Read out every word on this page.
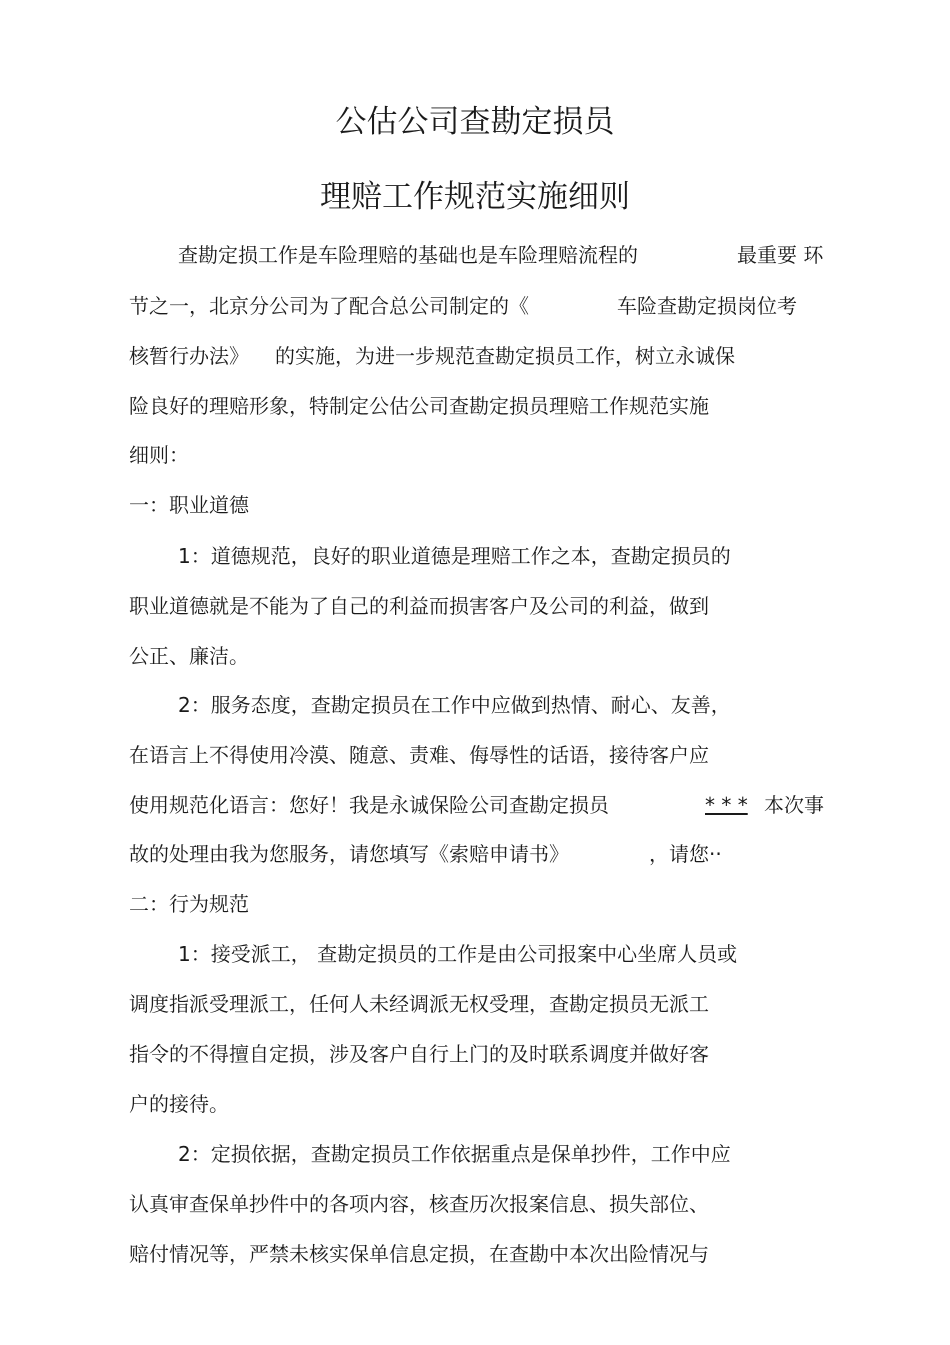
公估公司查勘定损员
理赔工作规范实施细则
查勘定损工作是车险理赔的基础也是车险理赔流程的	最重要 环
节之一，北京分公司为了配合总公司制定的《	车险查勘定损岗位考
核暂行办法》 的实施，为进一步规范查勘定损员工作，树立永诚保
险良好的理赔形象，特制定公估公司查勘定损员理赔工作规范实施
细则：
一：职业道德
1：道德规范，良好的职业道德是理赔工作之本，查勘定损员的
职业道德就是不能为了自己的利益而损害客户及公司的利益，做到
公正、廉洁。
2：服务态度，查勘定损员在工作中应做到热情、耐心、友善，
在语言上不得使用冷漠、随意、责难、侮辱性的话语，接待客户应
使用规范化语言：您好！我是永诚保险公司查勘定损员	* * * 本次事
故的处理由我为您服务，请您填写《索赔申请书》	，请您··
二：行为规范
1：接受派工， 查勘定损员的工作是由公司报案中心坐席人员或
调度指派受理派工，任何人未经调派无权受理，查勘定损员无派工
指令的不得擅自定损，涉及客户自行上门的及时联系调度并做好客
户的接待。
2：定损依据，查勘定损员工作依据重点是保单抄件，工作中应
认真审查保单抄件中的各项内容，核查历次报案信息、损失部位、
赔付情况等，严禁未核实保单信息定损，在查勘中本次出险情况与
